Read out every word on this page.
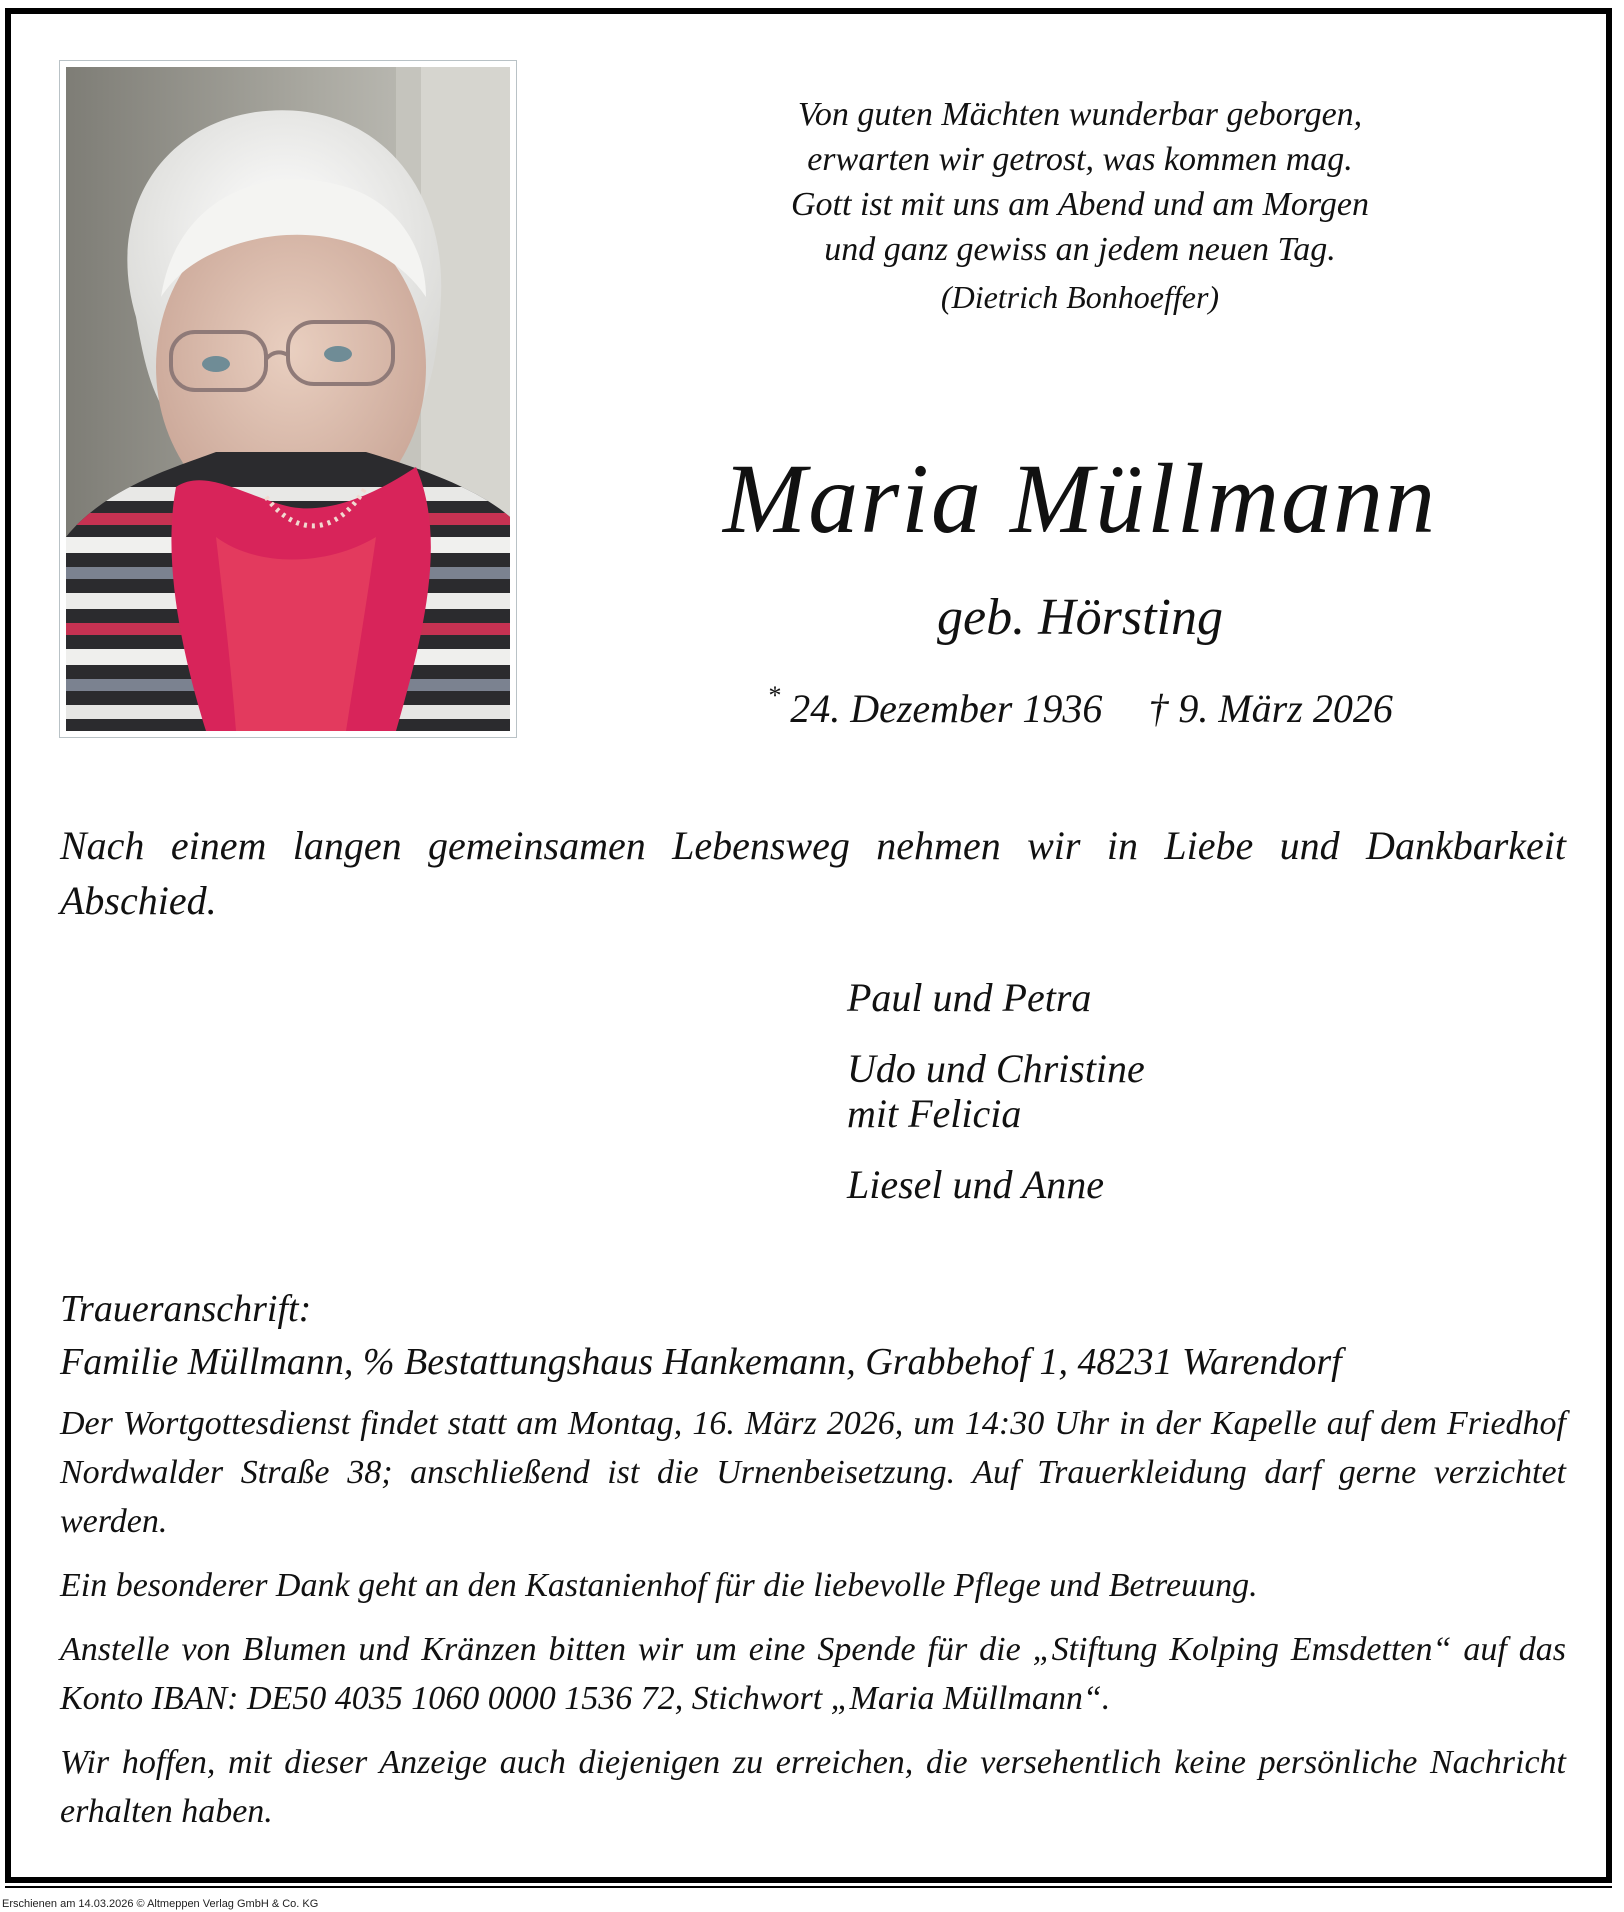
Von guten Mächten wunderbar geborgen,
erwarten wir getrost, was kommen mag.
Gott ist mit uns am Abend und am Morgen
und ganz gewiss an jedem neuen Tag.
(Dietrich Bonhoeffer)
Maria Müllmann
geb. Hörsting
* 24. Dezember 1936 † 9. März 2026
Nach einem langen gemeinsamen Lebensweg nehmen wir in Liebe und Dankbarkeit Abschied.
Paul und Petra
Udo und Christine
mit Felicia
Liesel und Anne
Traueranschrift:
Familie Müllmann, % Bestattungshaus Hankemann, Grabbehof 1, 48231 Warendorf

Der Wortgottesdienst findet statt am Montag, 16. März 2026, um 14:30 Uhr in der Kapelle auf dem Friedhof Nordwalder Straße 38; anschließend ist die Urnenbeisetzung. Auf Trauerkleidung darf gerne verzichtet werden.

Ein besonderer Dank geht an den Kastanienhof für die liebevolle Pflege und Betreuung.

Anstelle von Blumen und Kränzen bitten wir um eine Spende für die „Stiftung Kolping Emsdetten“ auf das Konto IBAN: DE50 4035 1060 0000 1536 72, Stichwort „Maria Müllmann“.

Wir hoffen, mit dieser Anzeige auch diejenigen zu erreichen, die versehentlich keine persönliche Nachricht erhalten haben.

Erschienen am 14.03.2026 © Altmeppen Verlag GmbH & Co. KG
